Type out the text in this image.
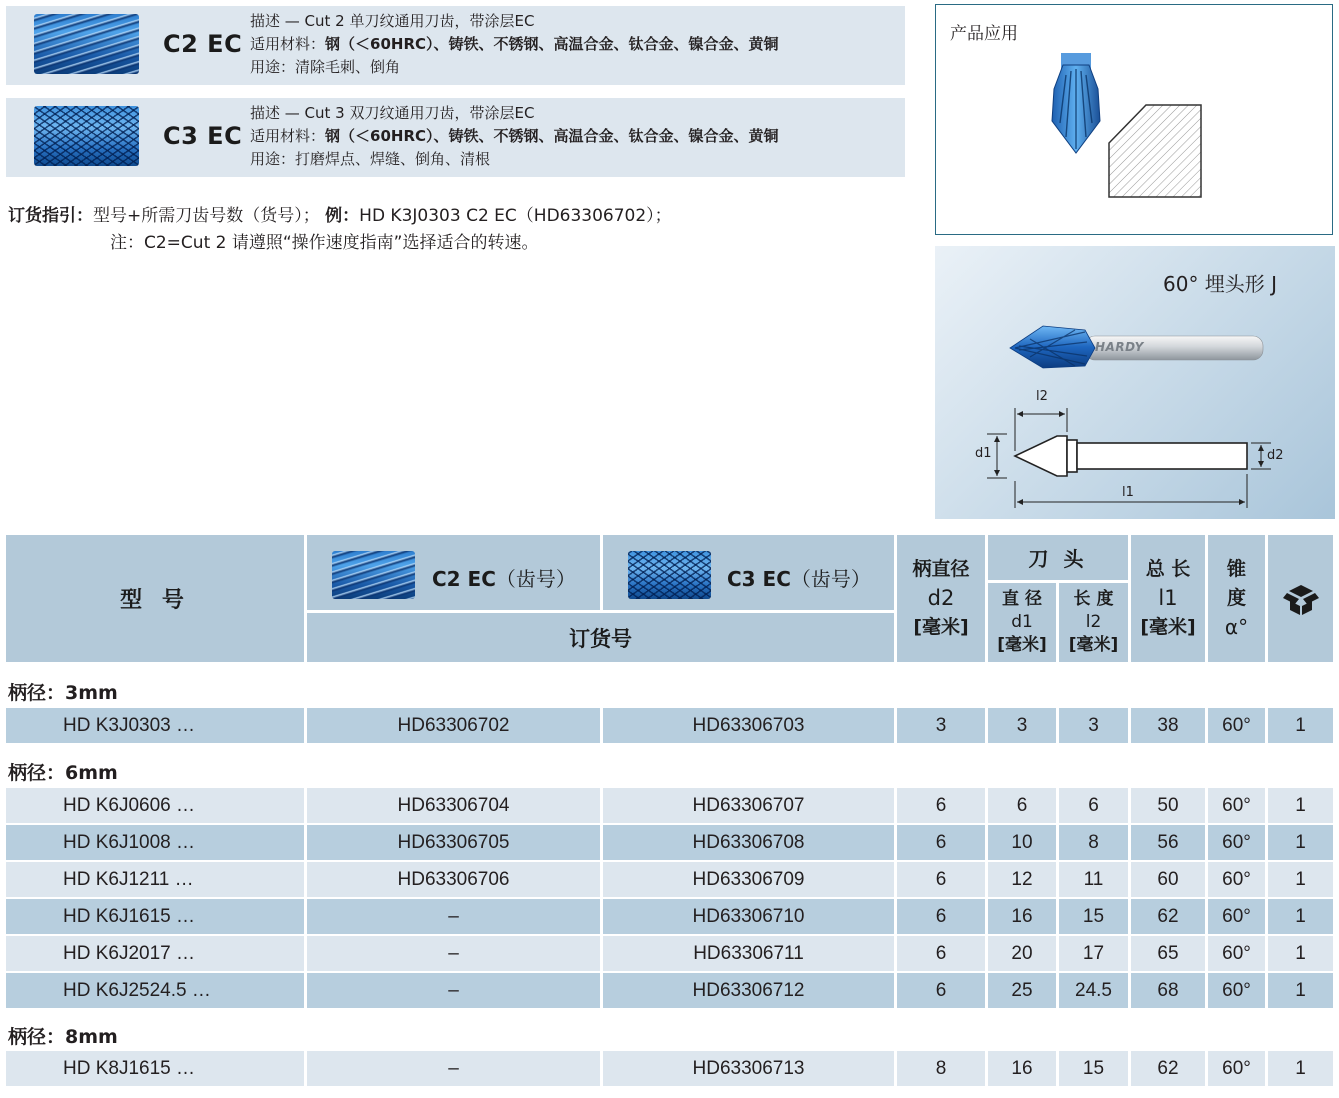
C2 EC
描述 — Cut 2 单刀纹通用刀齿，带涂层EC
适用材料：钢（＜60HRC）、铸铁、不锈钢、高温合金、钛合金、镍合金、黄铜
用途：清除毛刺、倒角
C3 EC
描述 — Cut 3 双刀纹通用刀齿，带涂层EC
适用材料：钢（＜60HRC）、铸铁、不锈钢、高温合金、钛合金、镍合金、黄铜
用途：打磨焊点、焊缝、倒角、清根
订货指引：型号+所需刀齿号数（货号）； 例：HD K3J0303 C2 EC（HD63306702）；
注：C2=Cut 2 请遵照“操作速度指南”选择适合的转速。
产品应用
60° 埋头形 J
HARDY
l2
d1	d2
l1
型 号
C2 EC（齿号）	C3 EC（齿号）
订货号
柄直径
d2
[毫米]
刀 头
直 径
d1
[毫米]
长 度
l2
[毫米]
总 长
l1
[毫米]
锥
度
α°
柄径：3mm
柄径：6mm
柄径：8mm
HD K3J0303 …	HD63306702	HD63306703	3	3	3	38	60°	1
HD K6J0606 …	HD63306704	HD63306707	6	6	6	50	60°	1
HD K6J1008 …	HD63306705	HD63306708	6	10	8	56	60°	1
HD K6J1211 …	HD63306706	HD63306709	6	12	11	60	60°	1
HD K6J1615 …	–	HD63306710	6	16	15	62	60°	1
HD K6J2017 …	–	HD63306711	6	20	17	65	60°	1
HD K6J2524.5 …	–	HD63306712	6	25	24.5	68	60°	1
HD K8J1615 …	–	HD63306713	8	16	15	62	60°	1
